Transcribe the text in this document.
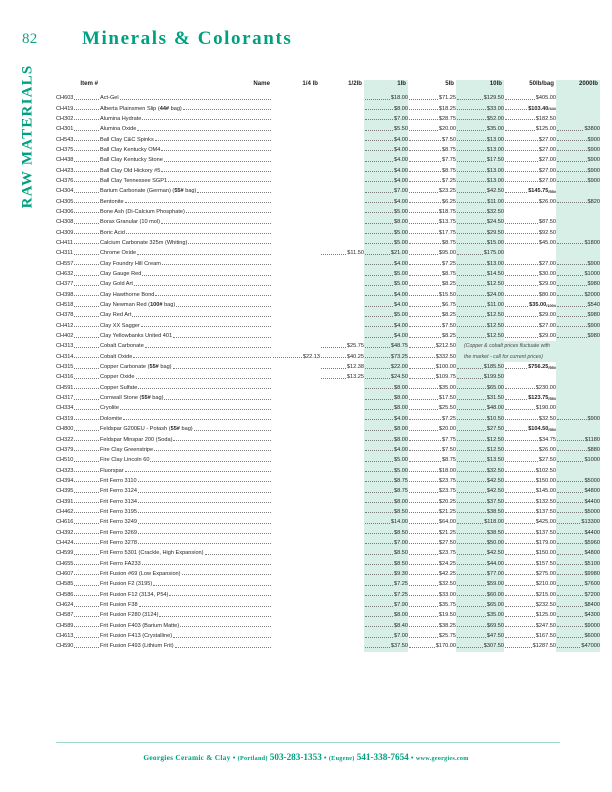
82 Minerals & Colorants
RAW MATERIALS	Item #	Name	1/4 lb	1/2lb	1lb	5lb	10lb	50lb/bag	2000lb

CH603	Act-Gel			$18.00	$71.25	$129.50	$405.00	

CH419	Alberta Plainsmen Slip (44# bag)			$8.00	$18.25	$33.00	$103.40/44#	

CH302	Alumina Hydrate			$7.00	$28.75	$52.00	$182.50	

CH301	Alumina Oxide			$5.50	$20.00	$35.00	$125.00	$3800

CH543	Ball Clay C&C Spinks			$4.00	$7.50	$13.00	$27.00	$900

CH375	Ball Clay Kentucky OM4			$4.00	$8.75	$13.00	$27.00	$900

CH438	Ball Clay Kentucky Stone			$4.00	$7.75	$17.50	$27.00	$900

CH423	Ball Clay Old Hickory #5			$4.00	$8.75	$13.00	$27.00	$900

CH376	Ball Clay Tennessee SGP1			$4.00	$7.25	$13.00	$27.00	$900

CH304	Barium Carbonate (German) (55# bag)			$7.00	$23.25	$42.50	$145.75/55#	

CH305	Bentonite			$4.00	$6.25	$11.00	$26.00	$820

CH306	Bone Ash (Di-Calcium Phosphate)			$5.00	$18.75	$32.50		

CH308	Borax Granular (10 mol)			$8.00	$13.75	$24.50	$87.50	

CH309	Boric Acid			$5.00	$17.75	$29.50	$92.50	

CH411	Calcium Carbonate 325m (Whiting)			$5.00	$8.75	$15.00	$45.00	$1800

CH311	Chrome Oxide		$11.50	$21.00	$95.00	$175.00		

CH557	Clay Foundry Hill Cream			$4.00	$7.25	$13.00	$27.00	$900

CH632	Clay Gauge Red			$5.00	$8.75	$14.50	$30.00	$1000

CH377	Clay Gold Art			$5.00	$8.25	$12.50	$29.00	$980

CH398	Clay Hawthorne Bond			$4.00	$15.50	$24.00	$80.00	$2000

CH518	Clay Newman Red (100# bag)			$4.00	$6.75	$11.00	$35.00/100#	$540

CH378	Clay Red Art			$5.00	$8.25	$12.50	$29.00	$980

CH412	Clay XX Sagger			$4.00	$7.50	$12.50	$27.00	$900

CH402	Clay Yellowbanks United 401			$4.00	$8.25	$12.50	$29.00	$980

CH313	Cobalt Carbonate		$25.75	$48.75	$212.50	(Copper & cobalt prices fluctuate with		

CH314	Cobalt Oxide	$22.13	$40.25	$73.25	$332.50	the market - call for current prices)		

CH315	Copper Carbonate (55# bag)		$12.38	$22.00	$100.00	$185.50	$756.25/55#	

CH316	Copper Oxide		$13.25	$24.50	$109.75	$199.50		

CH591	Copper Sulfate			$8.00	$35.00	$65.00	$230.00	

CH317	Cornwall Stone (55# bag)			$8.00	$17.50	$31.50	$123.75/55#	

CH334	Cryolite			$8.00	$25.50	$48.00	$190.00	

CH319	Dolomite			$4.00	$7.25	$10.50	$32.50	$900

CH800	Feldspar G200EU - Potash (55# bag)			$8.00	$20.00	$27.50	$104.50/55#	

CH322	Feldspar Minspar 200 (Soda)			$8.00	$7.75	$12.50	$34.75	$1180

CH379	Fire Clay Greenstripe			$4.00	$7.50	$12.50	$26.00	$880

CH510	Fire Clay Lincoln 60			$5.00	$8.75	$13.50	$27.50	$1000

CH323	Fluorspar			$5.00	$18.00	$32.50	$102.50	

CH394	Frit Ferro 3110			$8.75	$23.75	$42.50	$150.00	$5000

CH395	Frit Ferro 3124			$8.75	$23.75	$42.50	$145.00	$4800

CH391	Frit Ferro 3134			$8.00	$20.25	$37.50	$132.50	$4400

CH462	Frit Ferro 3195			$8.50	$21.25	$38.50	$137.50	$5000

CH616	Frit Ferro 3249			$14.00	$64.00	$118.00	$425.00	$13300

CH392	Frit Ferro 3269			$8.50	$21.25	$38.50	$137.50	$4400

CH424	Frit Ferro 3278			$7.00	$27.50	$50.00	$179.00	$5960

CH599	Frit Ferro 5301 (Crackle, High Expansion)			$8.50	$23.75	$42.50	$150.00	$4800

CH655	Frit Ferro FA233			$8.50	$24.25	$44.00	$157.50	$5100

CH607	Frit Fusion #69 (Low Expansion)			$9.30	$42.25	$77.00	$275.00	$9980

CH585	Frit Fusion F2 (3195)			$7.25	$32.50	$59.00	$210.00	$7600

CH586	Frit Fusion F12 (3134, P54)			$7.25	$33.00	$60.00	$215.00	$7200

CH624	Frit Fusion F38			$7.90	$35.75	$65.00	$232.50	$8400

CH587	Frit Fusion F280 (3124)			$8.00	$19.50	$35.00	$125.00	$4300

CH589	Frit Fusion F403 (Barium Matte)			$8.40	$38.25	$69.50	$247.50	$9000

CH613	Frit Fusion F413 (Crystalline)			$7.00	$25.75	$47.50	$167.50	$6000

CH590	Frit Fusion F493 (Lithium Frit)			$37.50	$170.00	$307.50	$1287.50	$47000
Georgies Ceramic & Clay • (Portland) 503-283-1353 • (Eugene) 541-338-7654 • www.georgies.com
